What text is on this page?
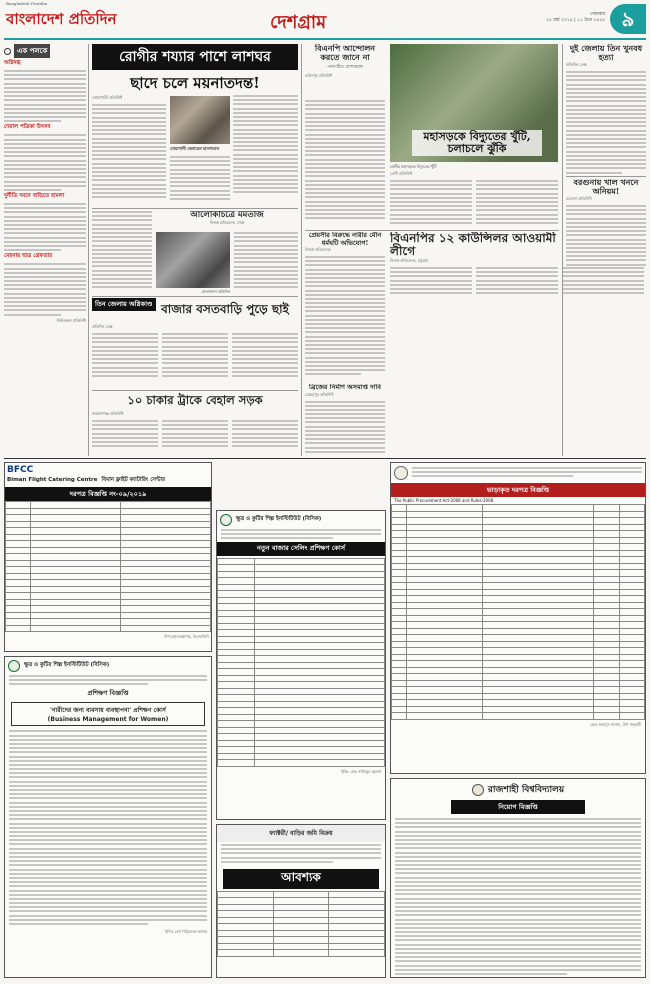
Bangladesh Pratidin
বাংলাদেশ প্রতিদিন	দেশগ্রাম	সোমবার
২৫ মার্চ ২০১৯ | ১১ চৈত্র ১৪২৫ ৯
এক পলকে
অগ্নিদগ্ধ
দেয়াল পত্রিকা উৎসব
দুর্নীতি দমনে বাড়িতে হামলা
মেহনায় ছাত্র গ্রেফতার
-নিউজরুম প্রতিনিধি
রোগীর শয্যার পাশে লাশঘর
ছাদে চলে ময়নাতদন্ত!
নোয়াখালী প্রতিনিধি
নোয়াখালী জেনারেল হাসপাতাল
আলোকচিত্রে মমতাজ
নিজস্ব প্রতিবেদক, ঢাকা
-বাংলাদেশ প্রতিদিন
তিন জেলায় অগ্নিকাণ্ড বাজার বসতবাড়ি পুড়ে ছাই
প্রতিদিন ডেস্ক
১০ চাকার ট্রাকে বেহাল সড়ক
নারায়ণগঞ্জ প্রতিনিধি
বিএনপি আন্দোলন করতে জানে না
-নবগঠিত মোশাররফ
ফরিদপুর প্রতিনিধি
মহাসড়কে বিদ্যুতের খুঁটি, চলাচলে ঝুঁকি
ফেনীর মহাসড়কে বিদ্যুতের খুঁটি
ফেনী প্রতিনিধি
দুই জেলায় তিন খুনবধ হত্যা
প্রতিদিন ডেস্ক
বরগুনায় খাল খননে অনিয়ম!
বরগুনা প্রতিনিধি
প্রেয়সীর বিরুদ্ধে নারীর মৌন ধর্মঘটি অভিযোগ!
নিজস্ব প্রতিবেদক
বিএনপির ১২ কাউন্সিলর আওয়ামী লীগে
নিজস্ব প্রতিবেদক, চট্টগ্রাম
ব্রিজের নির্মাণ অসমাপ্ত দাবি
মেহেরপুর প্রতিনিধি
BFCC
Biman Flight Catering Centre বিমান ফ্লাইট ক্যাটারিং সেন্টার
দরপত্র বিজ্ঞপ্তি নং-০৯/২০১৯

উপ-মহাব্যবস্থাপক, বিএফসিসি
ক্ষুদ্র ও কুটির শিল্প ইনস্টিটিউট (বিসিক)
প্রশিক্ষণ বিজ্ঞপ্তি
'নারীদের জন্য ব্যবসায় ব্যবস্থাপনা' প্রশিক্ষণ কোর্স
(Business Management for Women)
ইন্দির বেগ পরিচালক আলম
ক্ষুদ্র ও কুটির শিল্প ইনস্টিটিউট (বিসিক)
নতুন বাজার সেলিং প্রশিক্ষণ কোর্স

ইঞ্জি: মোঃ নাজিবুর রহমান
ফ্যাক্টরী/ বাড়ির জমি বিক্রয়
আবশ্যক

ভাড়াকৃত দরপত্র বিজ্ঞপ্তি
The Public Procurement Act-2006 and Rules-2008

মোঃ আবদুস সালাম, উপ সহকারী
রাজশাহী বিশ্ববিদ্যালয়
নিয়োগ বিজ্ঞপ্তি
